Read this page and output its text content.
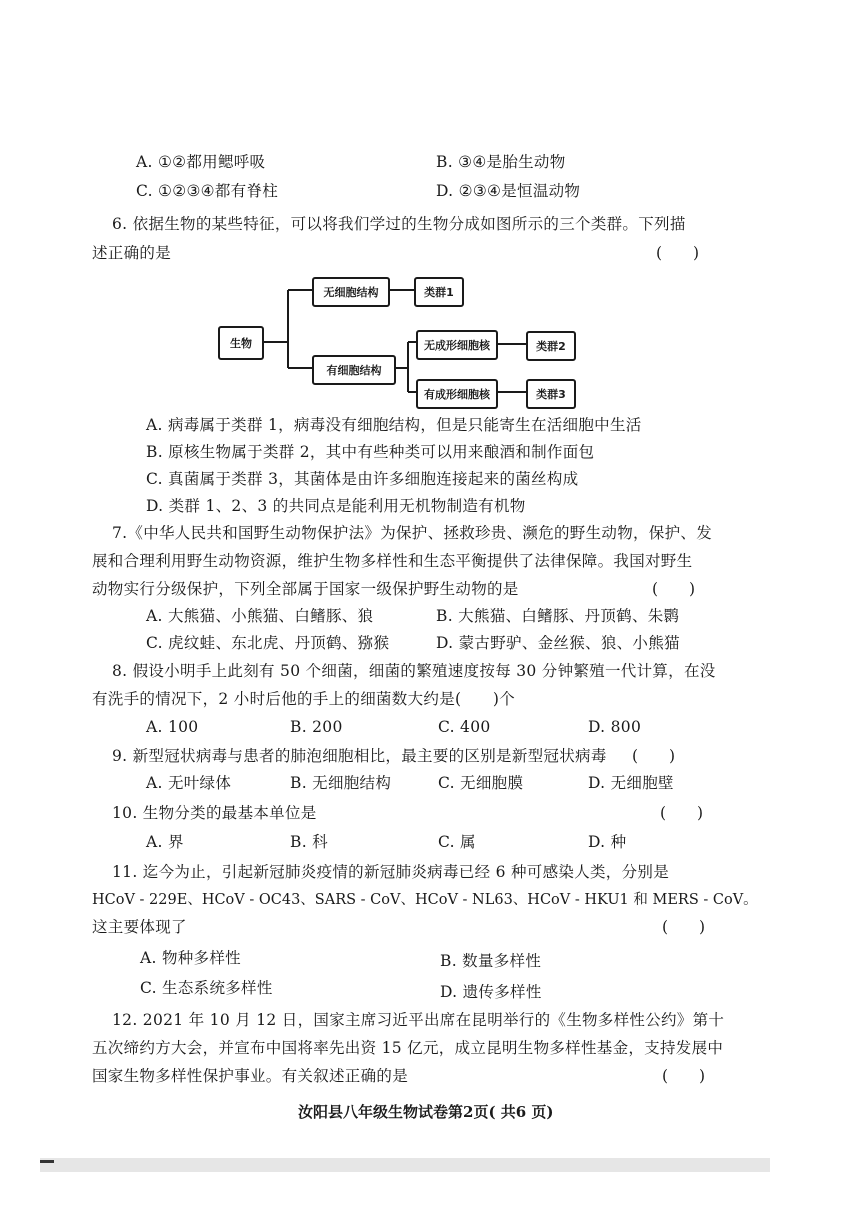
A. ①②都用鳃呼吸	B. ③④是胎生动物
C. ①②③④都有脊柱	D. ②③④是恒温动物
6. 依据生物的某些特征，可以将我们学过的生物分成如图所示的三个类群。下列描
述正确的是	(　　)
生物
无细胞结构	类群1
有细胞结构
无成形细胞核	类群2
有成形细胞核	类群3
A. 病毒属于类群 1，病毒没有细胞结构，但是只能寄生在活细胞中生活
B. 原核生物属于类群 2，其中有些种类可以用来酿酒和制作面包
C. 真菌属于类群 3，其菌体是由许多细胞连接起来的菌丝构成
D. 类群 1、2、3 的共同点是能利用无机物制造有机物
7.《中华人民共和国野生动物保护法》为保护、拯救珍贵、濒危的野生动物，保护、发
展和合理利用野生动物资源，维护生物多样性和生态平衡提供了法律保障。我国对野生
动物实行分级保护，下列全部属于国家一级保护野生动物的是	(　　)
A. 大熊猫、小熊猫、白鳍豚、狼	B. 大熊猫、白鳍豚、丹顶鹤、朱鹮
C. 虎纹蛙、东北虎、丹顶鹤、猕猴	D. 蒙古野驴、金丝猴、狼、小熊猫
8. 假设小明手上此刻有 50 个细菌，细菌的繁殖速度按每 30 分钟繁殖一代计算，在没
有洗手的情况下，2 小时后他的手上的细菌数大约是(　　)个
A. 100	B. 200	C. 400	D. 800
9. 新型冠状病毒与患者的肺泡细胞相比，最主要的区别是新型冠状病毒 (　　)
A. 无叶绿体	B. 无细胞结构	C. 无细胞膜	D. 无细胞壁
10. 生物分类的最基本单位是	(　　)
A. 界	B. 科	C. 属	D. 种
11. 迄今为止，引起新冠肺炎疫情的新冠肺炎病毒已经 6 种可感染人类，分别是
HCoV - 229E、HCoV - OC43、SARS - CoV、HCoV - NL63、HCoV - HKU1 和 MERS - CoV。
这主要体现了	(　　)
A. 物种多样性	B. 数量多样性
C. 生态系统多样性	D. 遗传多样性
12. 2021 年 10 月 12 日，国家主席习近平出席在昆明举行的《生物多样性公约》第十
五次缔约方大会，并宣布中国将率先出资 15 亿元，成立昆明生物多样性基金，支持发展中
国家生物多样性保护事业。有关叙述正确的是	(　　)
汝阳县八年级生物试卷第2页( 共6 页)
